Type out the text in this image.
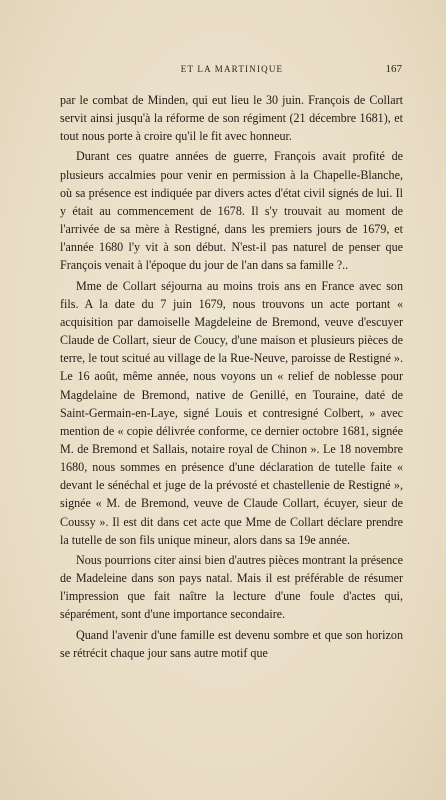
ET LA MARTINIQUE	167

par le combat de Minden, qui eut lieu le 30 juin. François de Collart servit ainsi jusqu'à la réforme de son régiment (21 décembre 1681), et tout nous porte à croire qu'il le fit avec honneur.

Durant ces quatre années de guerre, François avait profité de plusieurs accalmies pour venir en permission à la Chapelle-Blanche, où sa présence est indiquée par divers actes d'état civil signés de lui. Il y était au commencement de 1678. Il s'y trouvait au moment de l'arrivée de sa mère à Restigné, dans les premiers jours de 1679, et l'année 1680 l'y vit à son début. N'est-il pas naturel de penser que François venait à l'époque du jour de l'an dans sa famille ?..

Mme de Collart séjourna au moins trois ans en France avec son fils. A la date du 7 juin 1679, nous trouvons un acte portant « acquisition par damoiselle Magdeleine de Bremond, veuve d'escuyer Claude de Collart, sieur de Coucy, d'une maison et plusieurs pièces de terre, le tout scitué au village de la Rue-Neuve, paroisse de Restigné ». Le 16 août, même année, nous voyons un « relief de noblesse pour Magdelaine de Bremond, native de Genillé, en Touraine, daté de Saint-Germain-en-Laye, signé Louis et contresigné Colbert, » avec mention de « copie délivrée conforme, ce dernier octobre 1681, signée M. de Bremond et Sallais, notaire royal de Chinon ». Le 18 novembre 1680, nous sommes en présence d'une déclaration de tutelle faite « devant le sénéchal et juge de la prévosté et chastellenie de Restigné », signée « M. de Bremond, veuve de Claude Collart, écuyer, sieur de Coussy ». Il est dit dans cet acte que Mme de Collart déclare prendre la tutelle de son fils unique mineur, alors dans sa 19e année.

Nous pourrions citer ainsi bien d'autres pièces montrant la présence de Madeleine dans son pays natal. Mais il est préférable de résumer l'impression que fait naître la lecture d'une foule d'actes qui, séparément, sont d'une importance secondaire.

Quand l'avenir d'une famille est devenu sombre et que son horizon se rétrécit chaque jour sans autre motif que
